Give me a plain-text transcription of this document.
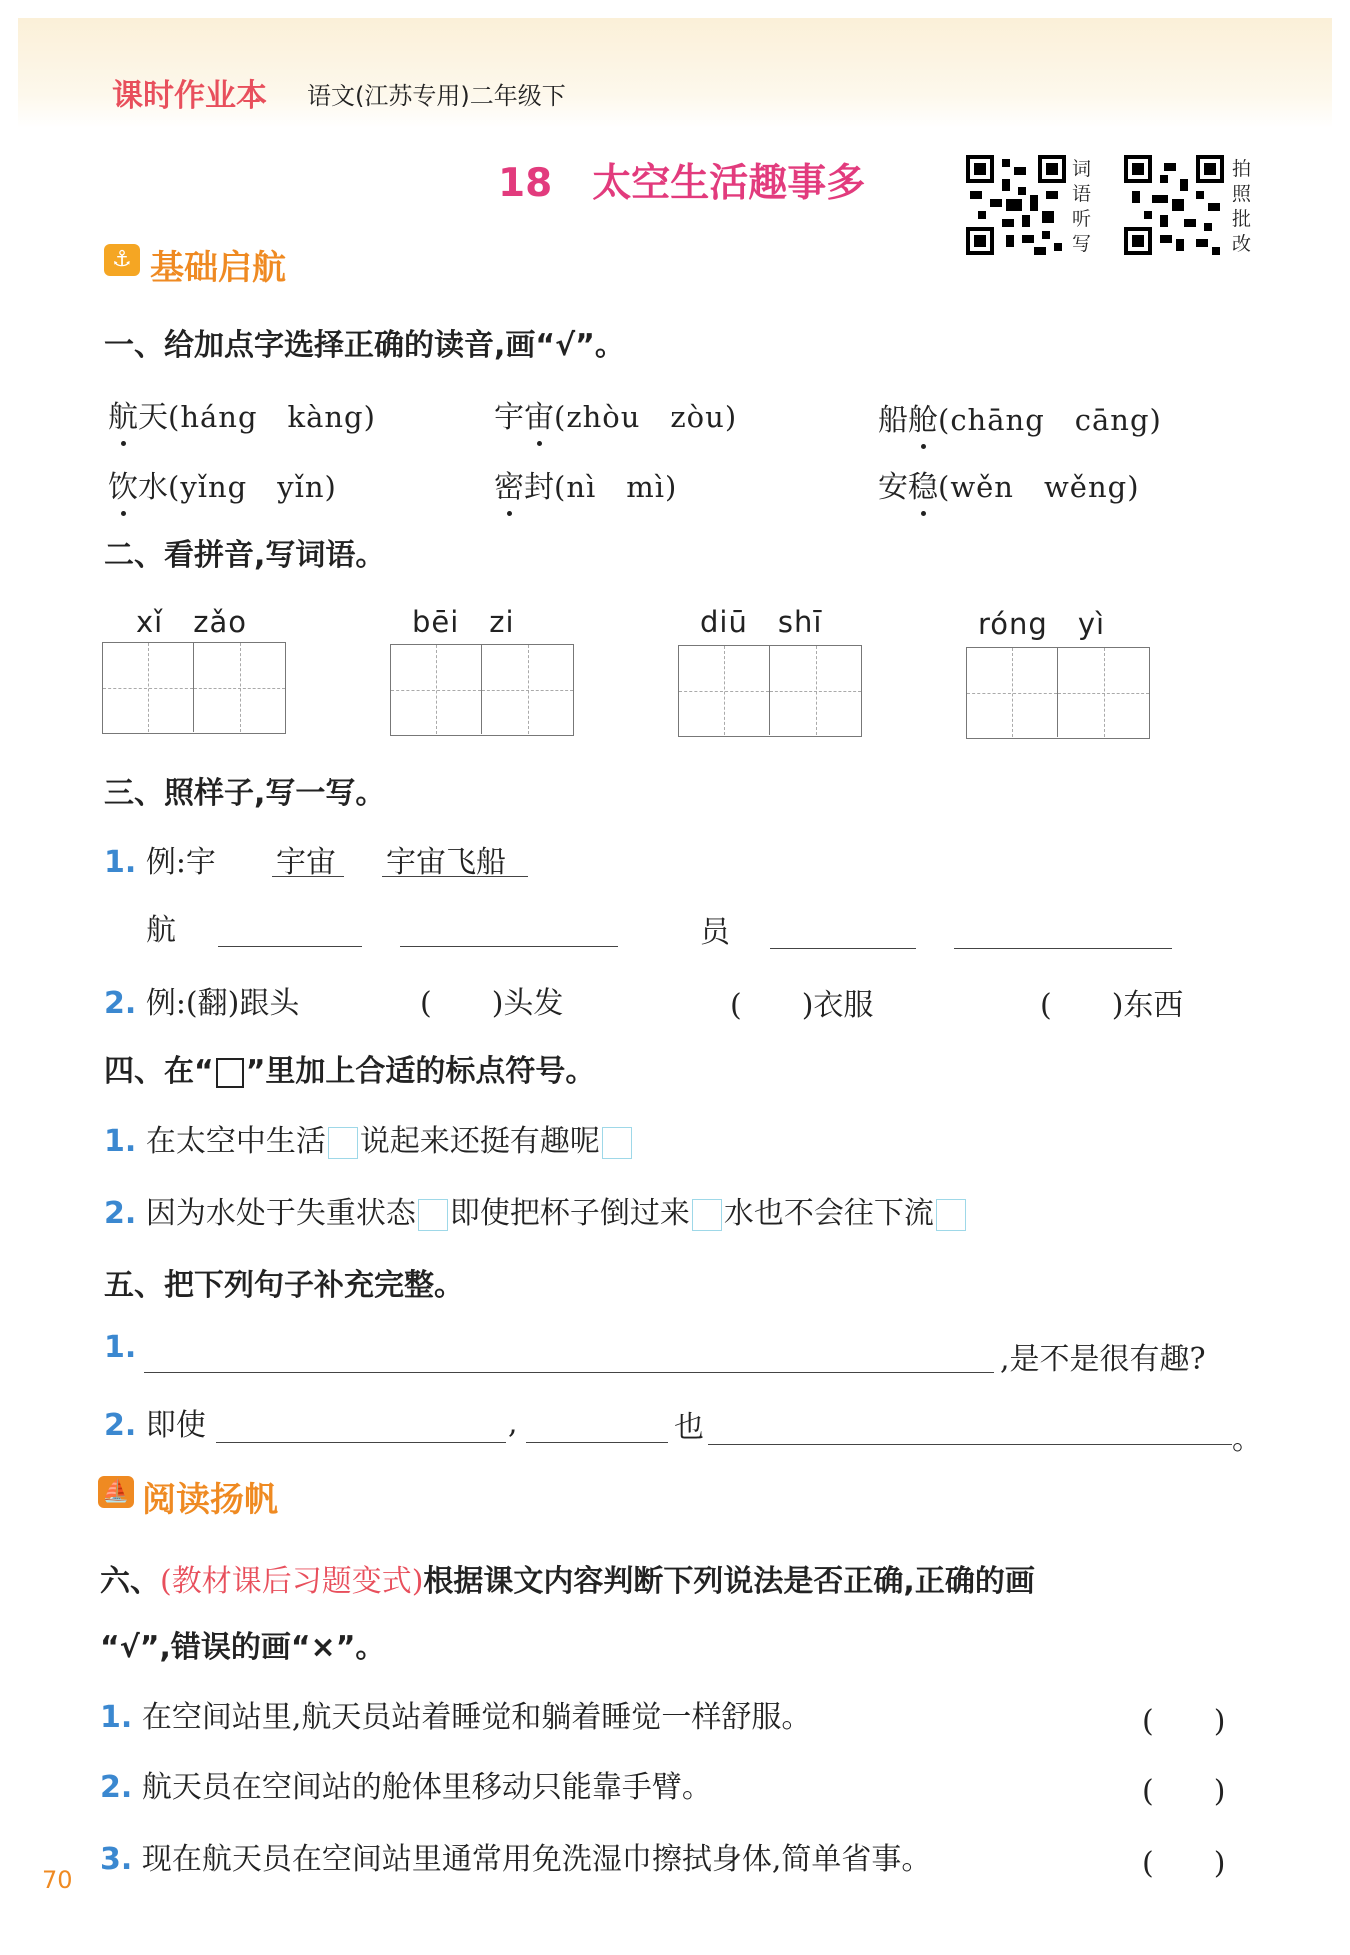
课时作业本 语文(江苏专用)二年级下
18 太空生活趣事多	词语听写
拍照批改
⚓ 基础启航
一、给加点字选择正确的读音,画“√”。
航天(háng　kàng)	宇宙(zhòu　zòu)	船舱(chāng　cāng)
饮水(yǐng　yǐn)	密封(nì　mì)	安稳(wěn　wěng)
二、看拼音,写词语。
xǐ　zǎo	bēi　zi	diū　shī	róng　yì
三、照样子,写一写。
1. 例:宇 宇宙 宇宙飞船
航	员
2. 例:(翻)跟头	(　　)头发	(　　)衣服	(　　)东西
四、在“ ”里加上合适的标点符号。
1. 在太空中生活 说起来还挺有趣呢
2. 因为水处于失重状态 即使把杯子倒过来 水也不会往下流
五、把下列句子补充完整。
1.	,是不是很有趣?
2. 即使	,	也	。
⛵ 阅读扬帆
六、(教材课后习题变式)根据课文内容判断下列说法是否正确,正确的画
“√”,错误的画“×”。
1. 在空间站里,航天员站着睡觉和躺着睡觉一样舒服。	(　　)
2. 航天员在空间站的舱体里移动只能靠手臂。	(　　)
3. 现在航天员在空间站里通常用免洗湿巾擦拭身体,简单省事。	(　　)
70
